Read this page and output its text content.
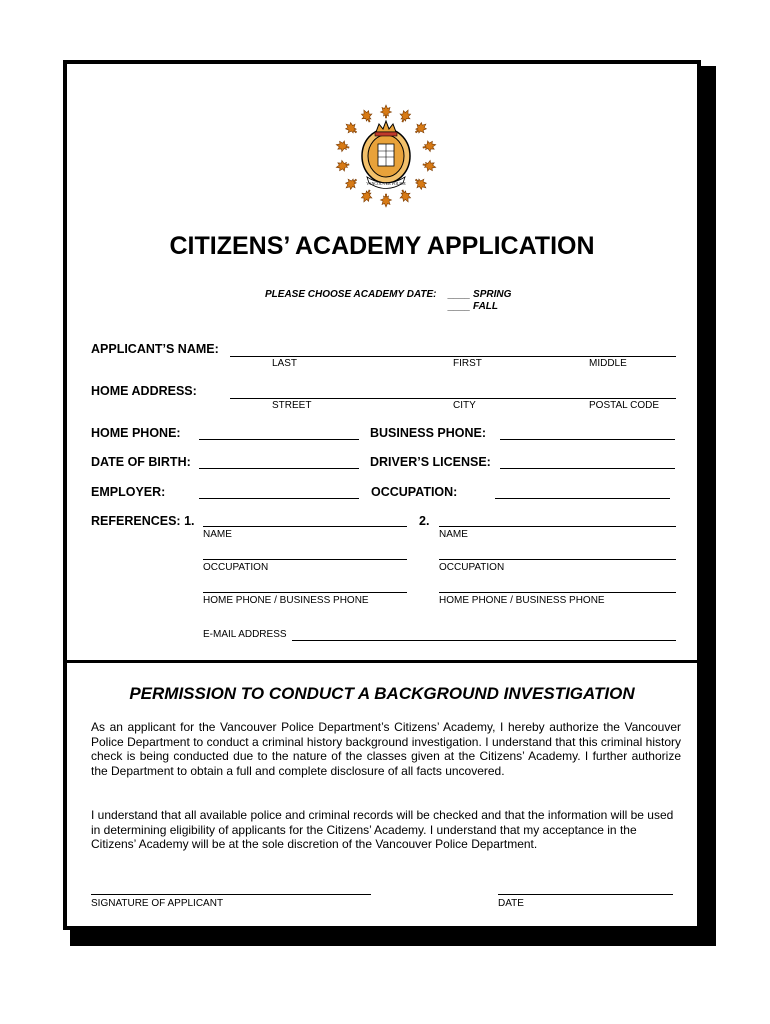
VANCOUVER POLICE
CITIZENS’ ACADEMY APPLICATION
PLEASE CHOOSE ACADEMY DATE: ____ SPRING
____ FALL
APPLICANT’S NAME:
LAST	FIRST	MIDDLE
HOME ADDRESS:
STREET	CITY	POSTAL CODE
HOME PHONE:	BUSINESS PHONE:
DATE OF BIRTH:	DRIVER’S LICENSE:
EMPLOYER:	OCCUPATION:
REFERENCES: 1.
NAME
2.
NAME
OCCUPATION	OCCUPATION
HOME PHONE / BUSINESS PHONE	HOME PHONE / BUSINESS PHONE
E-MAIL ADDRESS
PERMISSION TO CONDUCT A BACKGROUND INVESTIGATION
As an applicant for the Vancouver Police Department’s Citizens’ Academy, I hereby authorize the Vancouver Police Department to conduct a criminal history background investigation. I understand that this criminal history check is being conducted due to the nature of the classes given at the Citizens’ Academy. I further authorize the Department to obtain a full and complete disclosure of all facts uncovered.
I understand that all available police and criminal records will be checked and that the information will be used in determining eligibility of applicants for the Citizens’ Academy. I understand that my acceptance in the Citizens’ Academy will be at the sole discretion of the Vancouver Police Department.
SIGNATURE OF APPLICANT	DATE
